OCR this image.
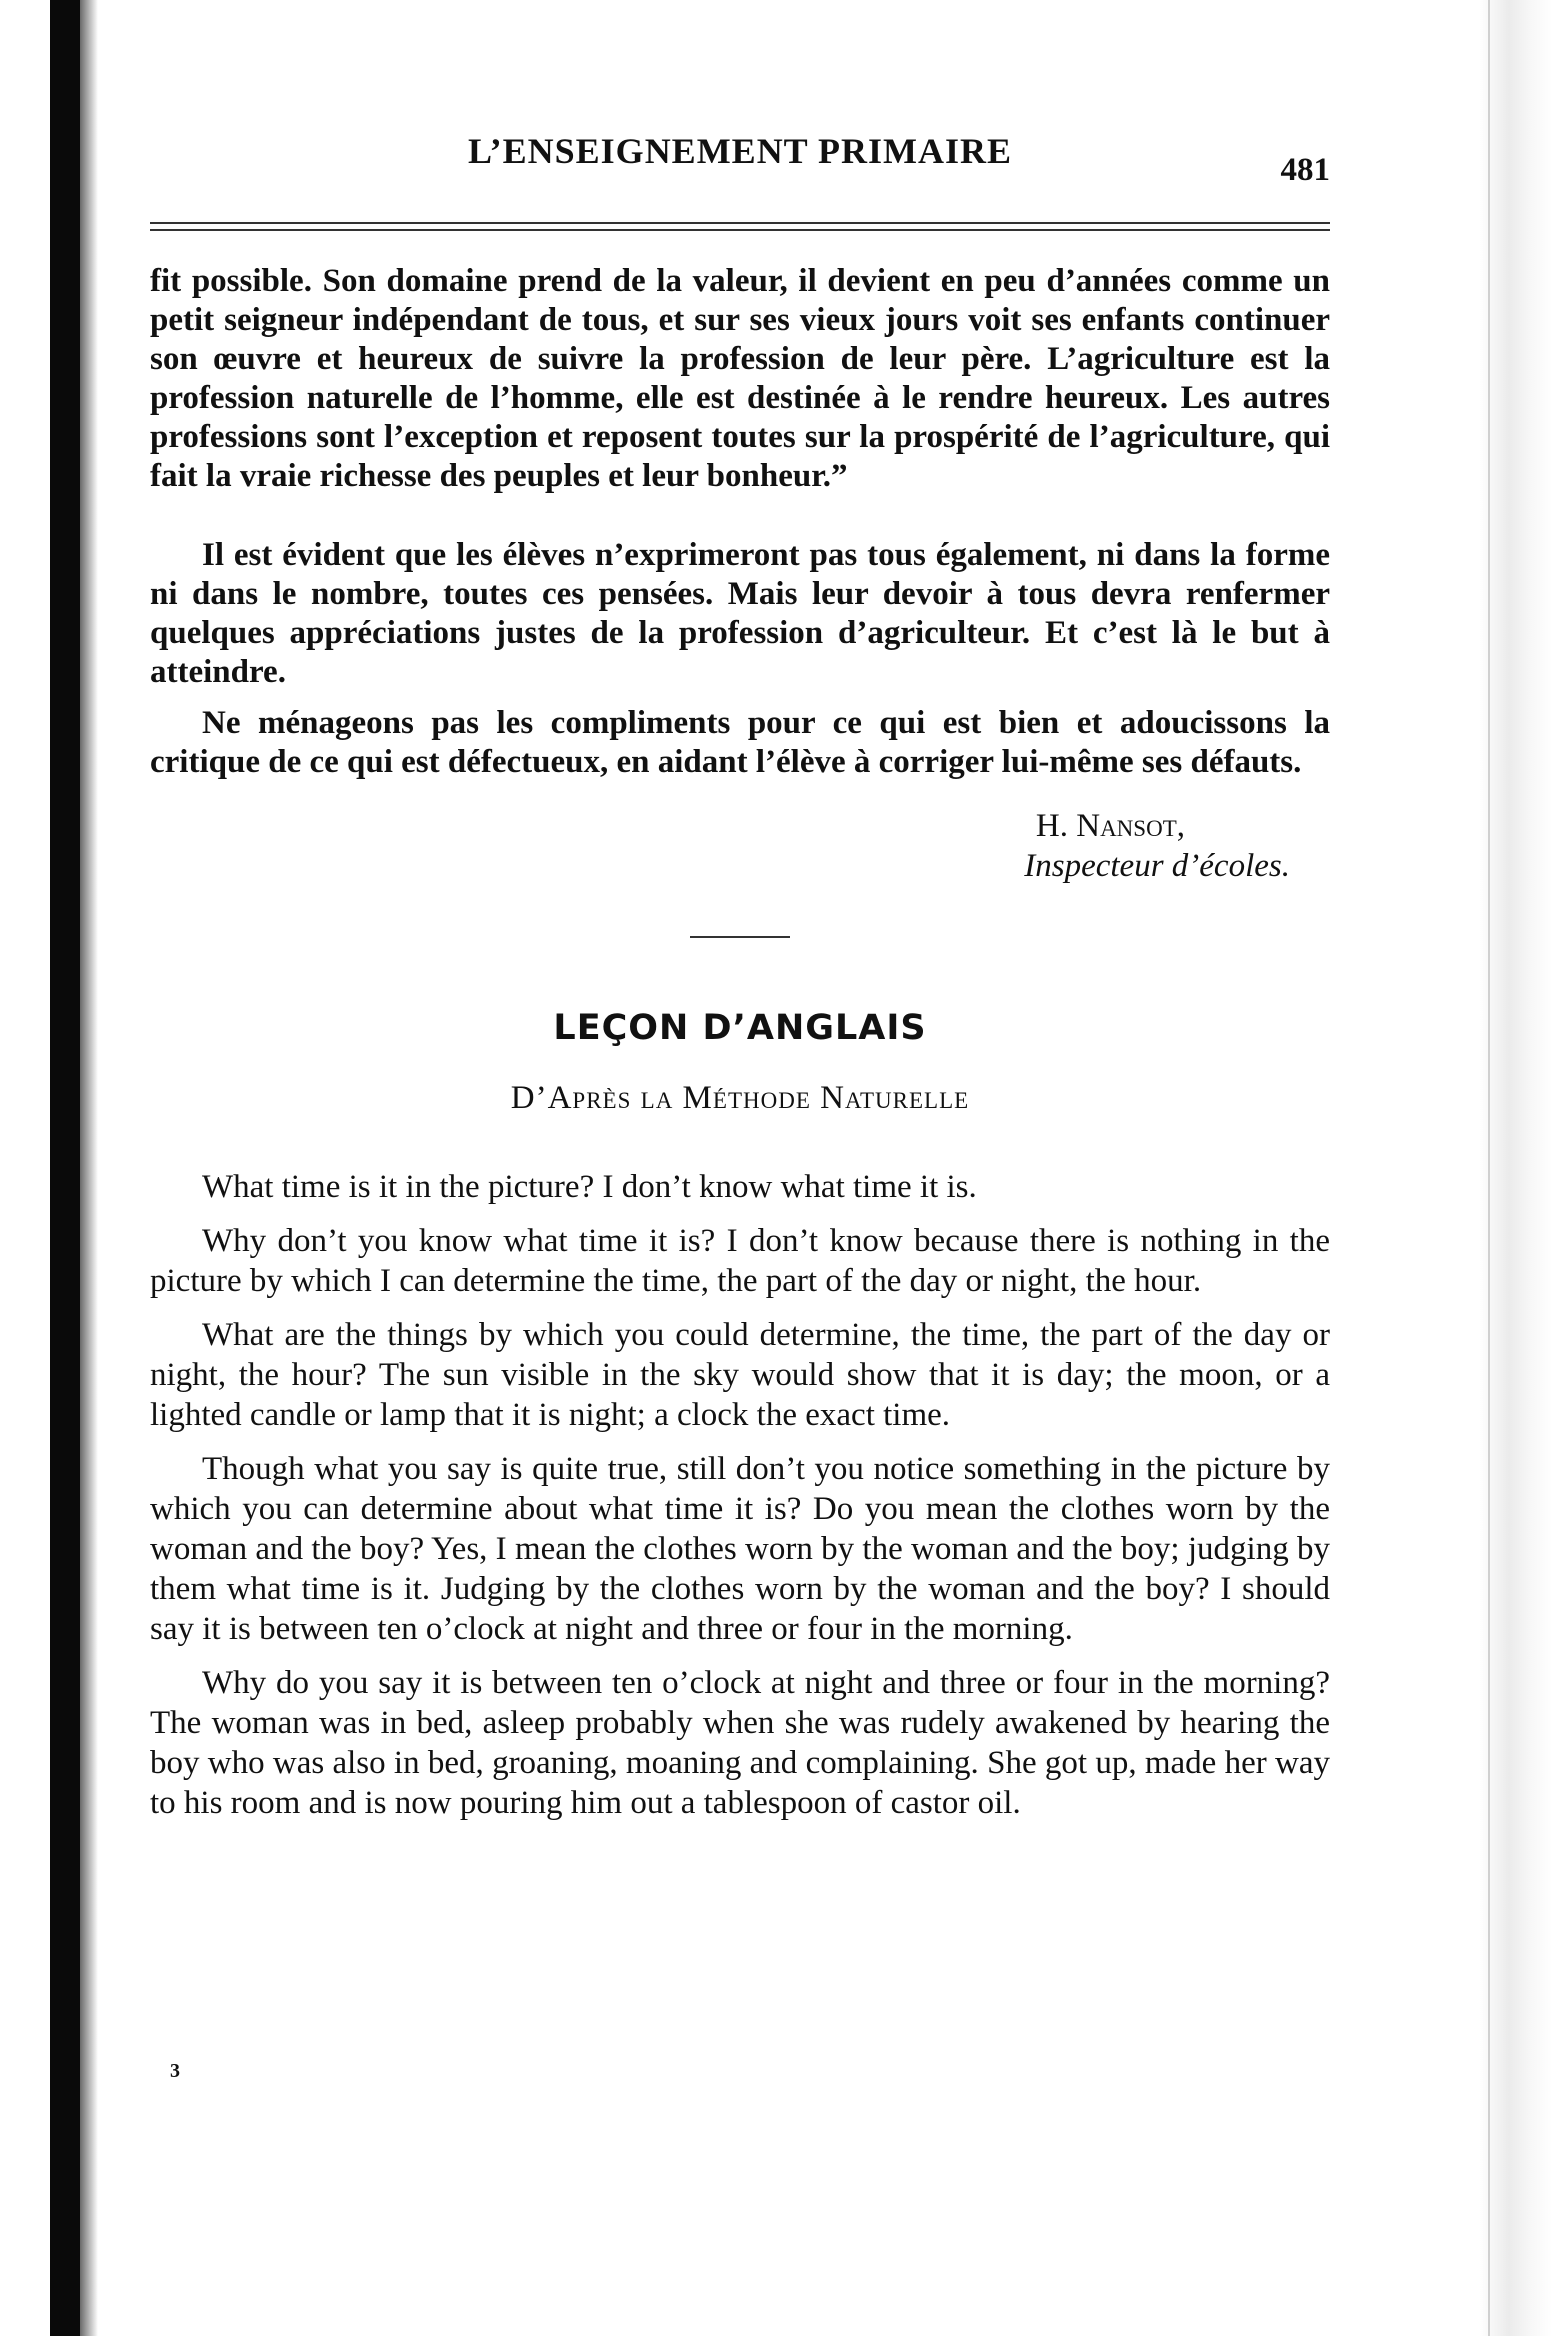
L’ENSEIGNEMENT PRIMAIRE	481

fit possible. Son domaine prend de la valeur, il devient en peu d’années comme un petit seigneur indépendant de tous, et sur ses vieux jours voit ses enfants continuer son œuvre et heureux de suivre la profession de leur père. L’agriculture est la profession naturelle de l’homme, elle est destinée à le rendre heureux. Les autres professions sont l’exception et reposent toutes sur la prospérité de l’agriculture, qui fait la vraie richesse des peuples et leur bonheur.”

Il est évident que les élèves n’exprimeront pas tous également, ni dans la forme ni dans le nombre, toutes ces pensées. Mais leur devoir à tous devra renfermer quelques appréciations justes de la profession d’agriculteur. Et c’est là le but à atteindre.

Ne ménageons pas les compliments pour ce qui est bien et adoucissons la critique de ce qui est défectueux, en aidant l’élève à corriger lui-même ses défauts.

H. Nansot,
Inspecteur d’écoles.
LEÇON D’ANGLAIS
D’Après la Méthode Naturelle

What time is it in the picture? I don’t know what time it is.

Why don’t you know what time it is? I don’t know because there is nothing in the picture by which I can determine the time, the part of the day or night, the hour.

What are the things by which you could determine, the time, the part of the day or night, the hour? The sun visible in the sky would show that it is day; the moon, or a lighted candle or lamp that it is night; a clock the exact time.

Though what you say is quite true, still don’t you notice something in the picture by which you can determine about what time it is? Do you mean the clothes worn by the woman and the boy? Yes, I mean the clothes worn by the woman and the boy; judging by them what time is it. Judging by the clothes worn by the woman and the boy? I should say it is between ten o’clock at night and three or four in the morning.

Why do you say it is between ten o’clock at night and three or four in the morning? The woman was in bed, asleep probably when she was rudely awakened by hearing the boy who was also in bed, groaning, moaning and complaining. She got up, made her way to his room and is now pouring him out a tablespoon of castor oil.

3
